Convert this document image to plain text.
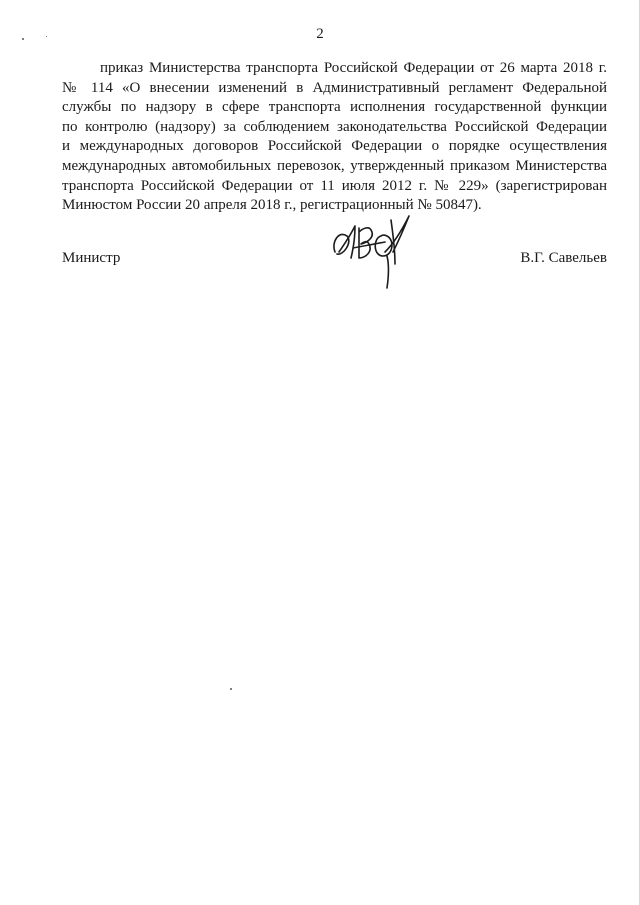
2

приказ Министерства транспорта Российской Федерации от 26 марта 2018 г.
№ 114 «О внесении изменений в Административный регламент Федеральной
службы по надзору в сфере транспорта исполнения государственной функции
по контролю (надзору) за соблюдением законодательства Российской Федерации
и международных договоров Российской Федерации о порядке осуществления
международных автомобильных перевозок, утвержденный приказом Министерства
транспорта Российской Федерации от 11 июля 2012 г. № 229» (зарегистрирован
Минюстом России 20 апреля 2018 г., регистрационный № 50847).

Министр	В.Г. Савельев
